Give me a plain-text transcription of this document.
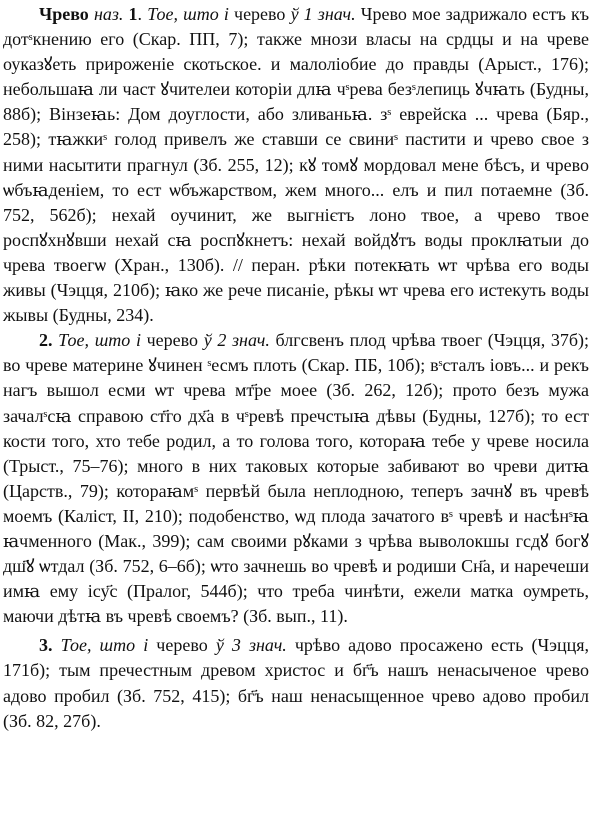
Чрево наз. 1. Тое, што і черево ў 1 знач. Чрево мое задрижало естъ къ дотˢкнению его (Скар. ПП, 7); также мнози власы на срдцы и на чреве оуказꙋеть прироженіе скотьское. и малоліобие до правды (Арыст., 176); небольшаꙗ ли част ꙋчителеи которіи длꙗ чˢрева безˢлепиць ꙋчꙗть (Будны, 88б); Вінзеꙗь: Дом доуглости, або зливаньꙗ. зˢ еврейска ... чрева (Бяр., 258); тꙗжкиˢ голод привелъ же ставши се свиниˢ пастити и чрево свое з ними насытити прагнул (Зб. 255, 12); кꙋ томꙋ мордовал мене бѣсъ, и чрево ѡбъꙗденіем, то ест ѡбъжарством, жем много... елъ и пил потаемне (Зб. 752, 562б); нехай оучинит, же выгнієтъ лоно твое, а чрево твое роспꙋхнꙋвши нехай сꙗ роспꙋкнетъ: нехай войдꙋтъ воды проклꙗтыи до чрева твоегѡ (Хран., 130б). // перан. рѣки потекꙗть ѡт чрѣва его воды живы (Чэцця, 210б); ꙗко же рече писаніе, рѣкы ѡт чрева его истекуть воды жывы (Будны, 234).

2. Тое, што і черево ў 2 знач. блгсвенъ плод чрѣва твоег (Чэцця, 37б); во чреве материне ꙋчинен ˢесмъ плоть (Скар. ПБ, 10б); вˢсталъ іовъ... и рекъ нагъ вышол есми ѡт чрева мт҃ре моее (Зб. 262, 12б); прото безъ мужа зачалˢсꙗ справою ст҃го дх҃а в чˢревѣ пречстыꙗ дѣвы (Будны, 127б); то ест кости того, хто тебе родил, а то голова того, котораꙗ тебе у чреве носила (Трыст., 75–76); много в них таковых которые забивают во чреви дитꙗ (Царств., 79); котораꙗмˢ первѣй была неплодною, теперъ зачнꙋ въ чревѣ моемъ (Каліст, II, 210); подобенство, ѡд плода зачатого вˢ чревѣ и насѣнˢꙗ ꙗчменного (Мак., 399); сам своими рꙋками з чрѣва выволокшы гсдꙋ богꙋ дш҃ꙋ ѡтдал (Зб. 752, 6–6б); ѡто зачнешь во чревѣ и родиши Сн҃а, и наречеши имꙗ ему ісу҃с (Пралог, 544б); что треба чинѣти, ежели матка оумреть, маючи дѣтꙗ въ чревѣ своемъ? (Зб. вып., 11).

3. Тое, што і черево ў 3 знач. чрѣво адово просажено есть (Чэцця, 171б); тым пречестным древом христос и бг҃ъ нашъ ненасыченое чрево адово пробил (Зб. 752, 415); бг҃ъ наш ненасыщенное чрево адово пробил (Зб. 82, 27б).
